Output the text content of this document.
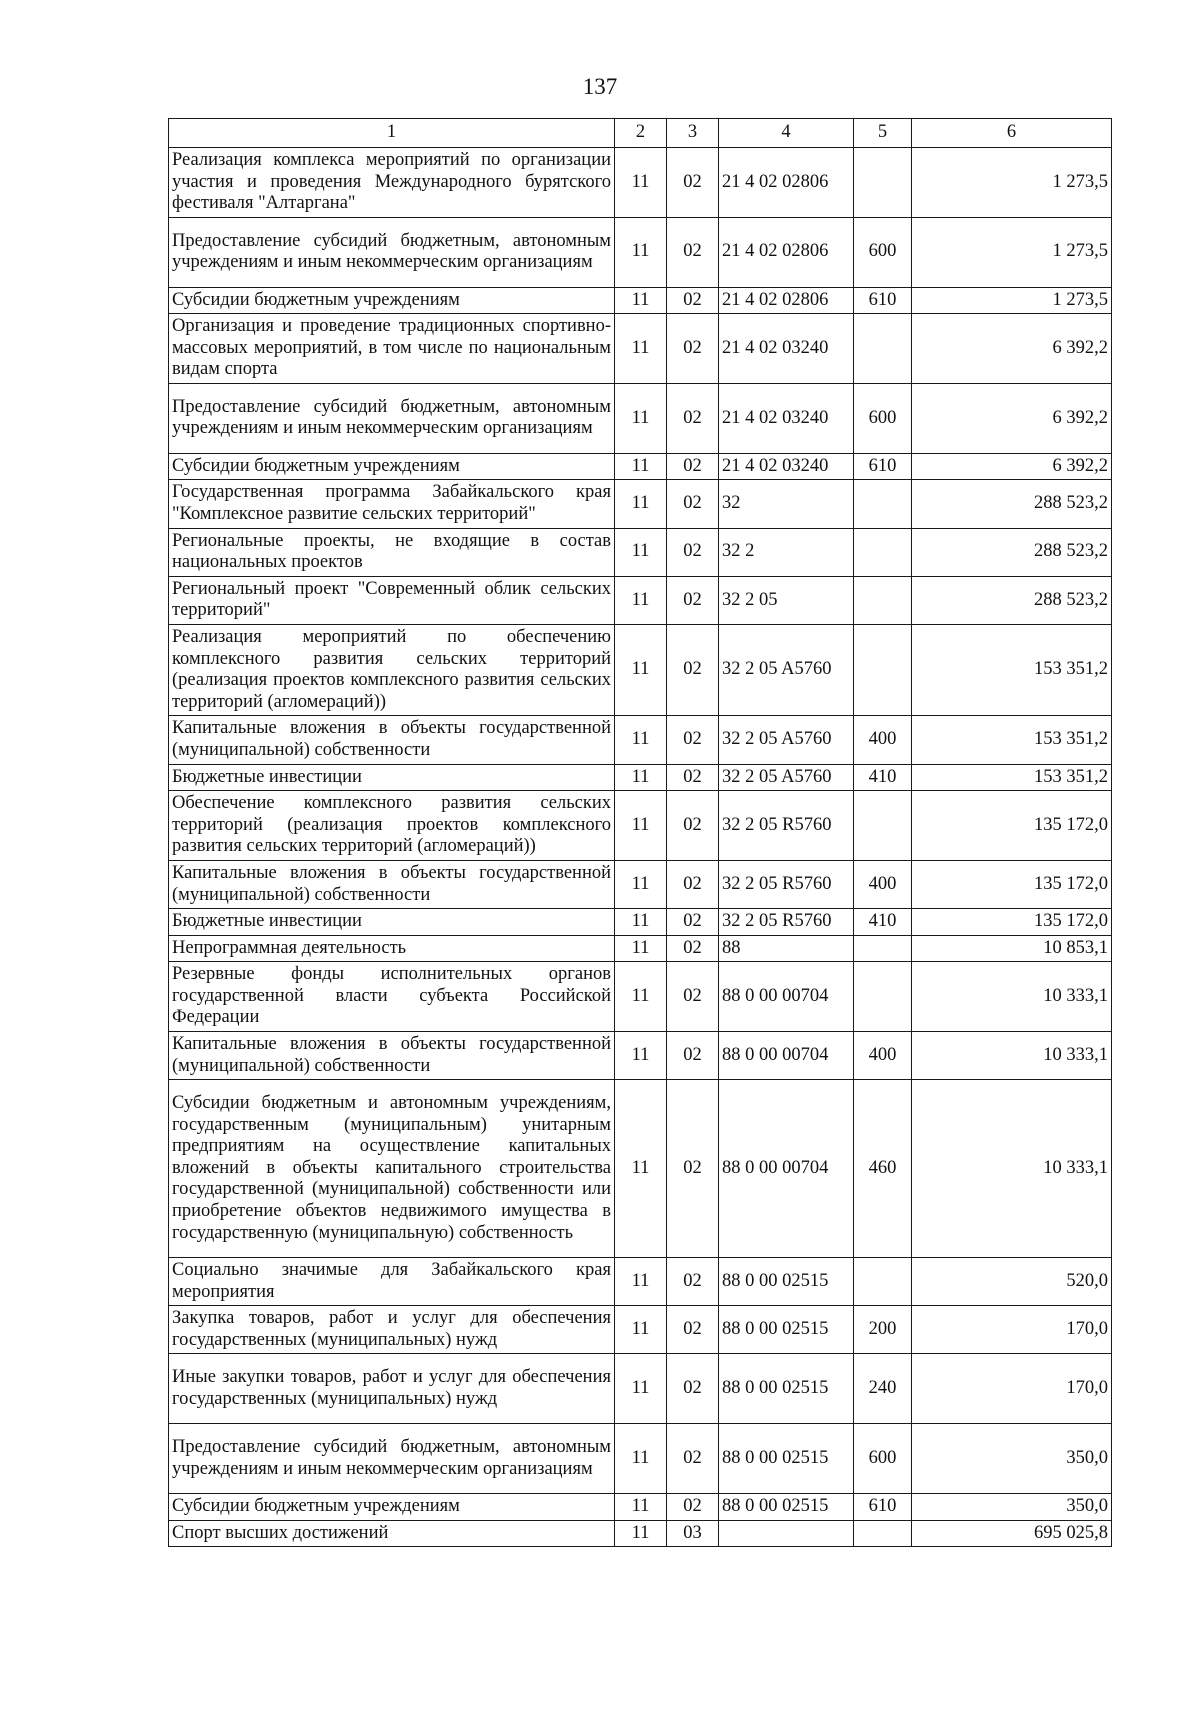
137
1	2	3	4	5	6
Реализация комплекса мероприятий по организации участия и проведения Международного бурятского фестиваля "Алтаргана"	11	02	21 4 02 02806		1 273,5
Предоставление субсидий бюджетным, автономным учреждениям и иным некоммерческим организациям	11	02	21 4 02 02806	600	1 273,5
Субсидии бюджетным учреждениям	11	02	21 4 02 02806	610	1 273,5
Организация и проведение традиционных спортивно-массовых мероприятий, в том числе по национальным видам спорта	11	02	21 4 02 03240		6 392,2
Предоставление субсидий бюджетным, автономным учреждениям и иным некоммерческим организациям	11	02	21 4 02 03240	600	6 392,2
Субсидии бюджетным учреждениям	11	02	21 4 02 03240	610	6 392,2
Государственная программа Забайкальского края "Комплексное развитие сельских территорий"	11	02	32		288 523,2
Региональные проекты, не входящие в состав национальных проектов	11	02	32 2		288 523,2
Региональный проект "Современный облик сельских территорий"	11	02	32 2 05		288 523,2
Реализация мероприятий по обеспечению комплексного развития сельских территорий (реализация проектов комплексного развития сельских территорий (агломераций))	11	02	32 2 05 A5760		153 351,2
Капитальные вложения в объекты государственной (муниципальной) собственности	11	02	32 2 05 A5760	400	153 351,2
Бюджетные инвестиции	11	02	32 2 05 A5760	410	153 351,2
Обеспечение комплексного развития сельских территорий (реализация проектов комплексного развития сельских территорий (агломераций))	11	02	32 2 05 R5760		135 172,0
Капитальные вложения в объекты государственной (муниципальной) собственности	11	02	32 2 05 R5760	400	135 172,0
Бюджетные инвестиции	11	02	32 2 05 R5760	410	135 172,0
Непрограммная деятельность	11	02	88		10 853,1
Резервные фонды исполнительных органов государственной власти субъекта Российской Федерации	11	02	88 0 00 00704		10 333,1
Капитальные вложения в объекты государственной (муниципальной) собственности	11	02	88 0 00 00704	400	10 333,1
Субсидии бюджетным и автономным учреждениям, государственным (муниципальным) унитарным предприятиям на осуществление капитальных вложений в объекты капитального строительства государственной (муниципальной) собственности или приобретение объектов недвижимого имущества в государственную (муниципальную) собственность	11	02	88 0 00 00704	460	10 333,1
Социально значимые для Забайкальского края мероприятия	11	02	88 0 00 02515		520,0
Закупка товаров, работ и услуг для обеспечения государственных (муниципальных) нужд	11	02	88 0 00 02515	200	170,0
Иные закупки товаров, работ и услуг для обеспечения государственных (муниципальных) нужд	11	02	88 0 00 02515	240	170,0
Предоставление субсидий бюджетным, автономным учреждениям и иным некоммерческим организациям	11	02	88 0 00 02515	600	350,0
Субсидии бюджетным учреждениям	11	02	88 0 00 02515	610	350,0
Спорт высших достижений	11	03			695 025,8
